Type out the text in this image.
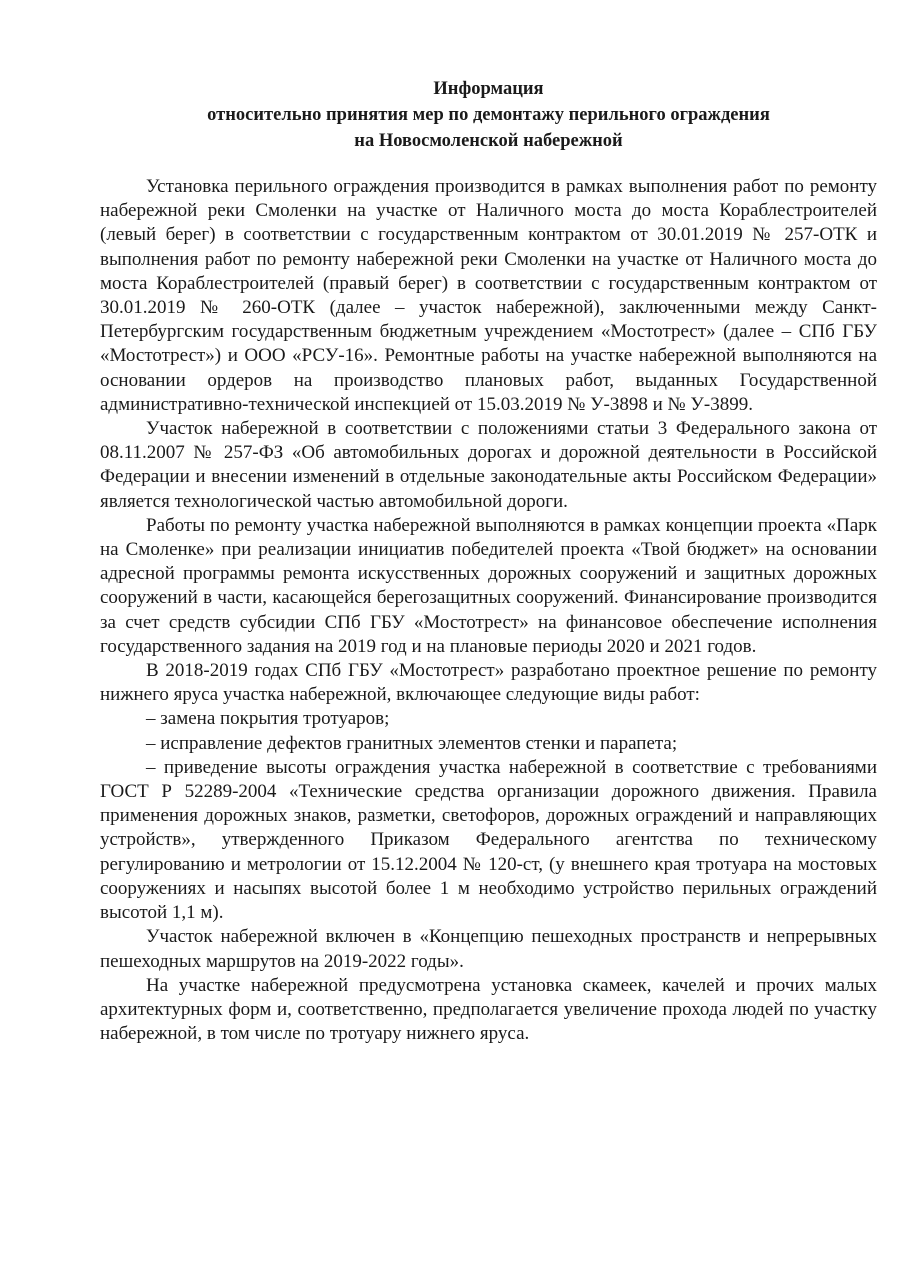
Информация
относительно принятия мер по демонтажу перильного ограждения
на Новосмоленской набережной

Установка перильного ограждения производится в рамках выполнения работ по ремонту набережной реки Смоленки на участке от Наличного моста до моста Кораблестроителей (левый берег) в соответствии с государственным контрактом от 30.01.2019 № 257-ОТК и выполнения работ по ремонту набережной реки Смоленки на участке от Наличного моста до моста Кораблестроителей (правый берег) в соответствии с государственным контрактом от 30.01.2019 № 260-ОТК (далее – участок набережной), заключенными между Санкт-Петербургским государственным бюджетным учреждением «Мостотрест» (далее – СПб ГБУ «Мостотрест») и ООО «РСУ-16». Ремонтные работы на участке набережной выполняются на основании ордеров на производство плановых работ, выданных Государственной административно-технической инспекцией от 15.03.2019 № У-3898 и № У-3899.

Участок набережной в соответствии с положениями статьи 3 Федерального закона от 08.11.2007 № 257-ФЗ «Об автомобильных дорогах и дорожной деятельности в Российской Федерации и внесении изменений в отдельные законодательные акты Российском Федерации» является технологической частью автомобильной дороги.

Работы по ремонту участка набережной выполняются в рамках концепции проекта «Парк на Смоленке» при реализации инициатив победителей проекта «Твой бюджет» на основании адресной программы ремонта искусственных дорожных сооружений и защитных дорожных сооружений в части, касающейся берегозащитных сооружений. Финансирование производится за счет средств субсидии СПб ГБУ «Мостотрест» на финансовое обеспечение исполнения государственного задания на 2019 год и на плановые периоды 2020 и 2021 годов.

В 2018-2019 годах СПб ГБУ «Мостотрест» разработано проектное решение по ремонту нижнего яруса участка набережной, включающее следующие виды работ:

– замена покрытия тротуаров;

– исправление дефектов гранитных элементов стенки и парапета;

– приведение высоты ограждения участка набережной в соответствие с требованиями ГОСТ Р 52289-2004 «Технические средства организации дорожного движения. Правила применения дорожных знаков, разметки, светофоров, дорожных ограждений и направляющих устройств», утвержденного Приказом Федерального агентства по техническому регулированию и метрологии от 15.12.2004 № 120-ст, (у внешнего края тротуара на мостовых сооружениях и насыпях высотой более 1 м необходимо устройство перильных ограждений высотой 1,1 м).

Участок набережной включен в «Концепцию пешеходных пространств и непрерывных пешеходных маршрутов на 2019-2022 годы».

На участке набережной предусмотрена установка скамеек, качелей и прочих малых архитектурных форм и, соответственно, предполагается увеличение прохода людей по участку набережной, в том числе по тротуару нижнего яруса.
